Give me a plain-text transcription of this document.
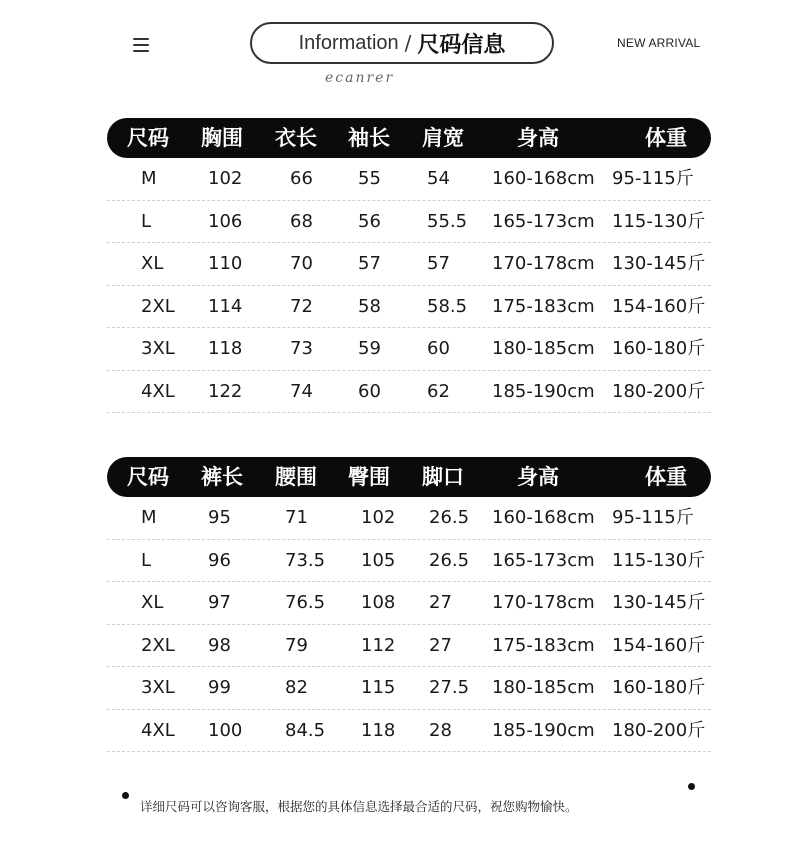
Information / 尺码信息	NEW ARRIVAL
ecanrer
尺码 胸围 衣长 袖长 肩宽	身高	体重
M	102	66	55	54 160-168cm 95-115斤
L	106	68	56	55.5 165-173cm 115-130斤
XL 110	70	57	57 170-178cm 130-145斤
2XL 114	72	58	58.5 175-183cm 154-160斤
3XL 118	73	59	60 180-185cm 160-180斤
4XL 122	74	60	62 185-190cm 180-200斤
尺码 裤长 腰围 臀围 脚口	身高	体重
M	95	71	102 26.5 160-168cm 95-115斤
L	96	73.5 105 26.5 165-173cm 115-130斤
XL 97	76.5 108 27 170-178cm 130-145斤
2XL 98	79	112 27 175-183cm 154-160斤
3XL 99	82	115 27.5 180-185cm 160-180斤
4XL 100 84.5 118 28 185-190cm 180-200斤
详细尺码可以咨询客服，根据您的具体信息选择最合适的尺码，祝您购物愉快。
